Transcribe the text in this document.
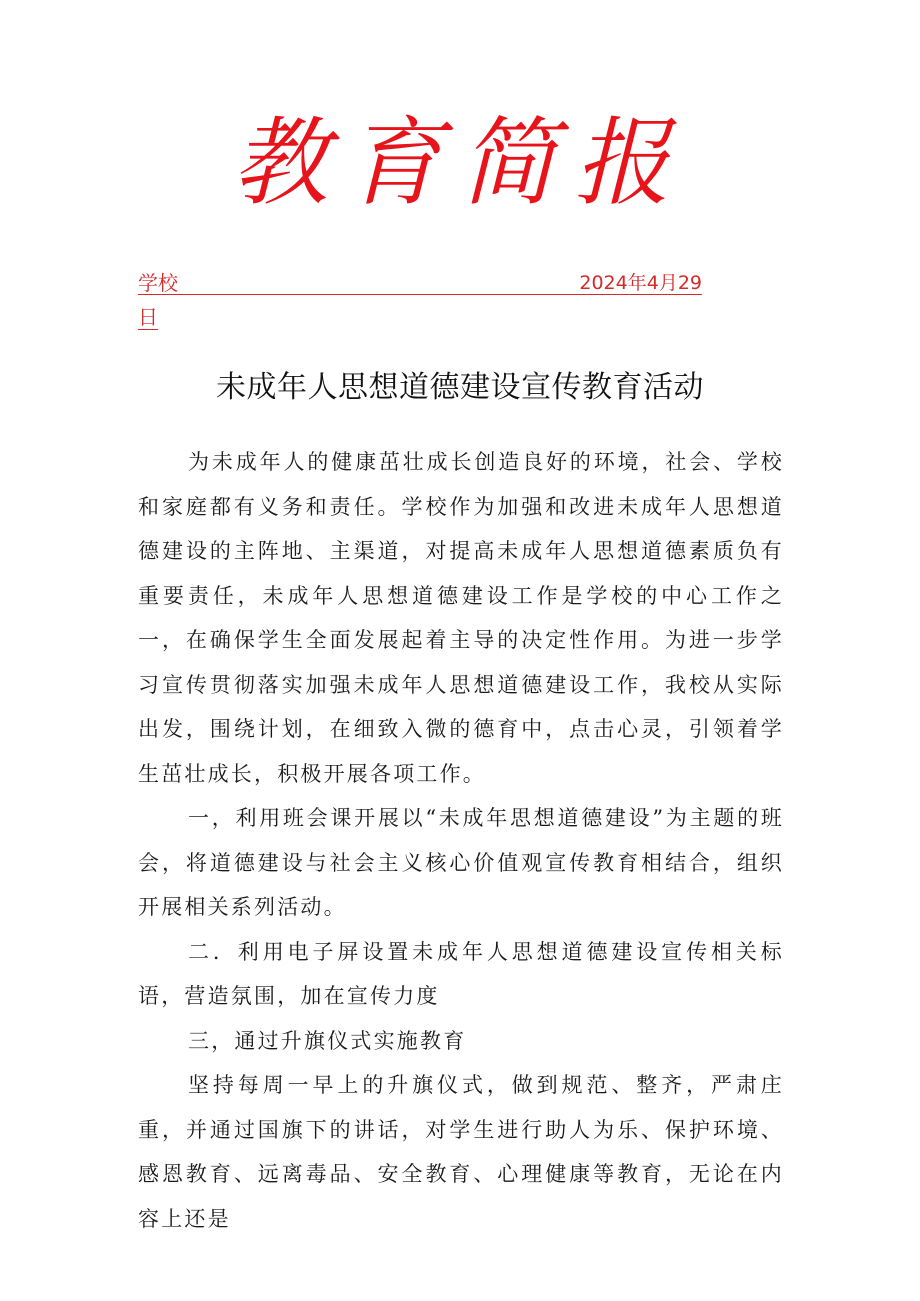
教育简报
学校	2024年4月29
日
未成年人思想道德建设宣传教育活动

为未成年人的健康茁壮成长创造良好的环境，社会、学校和家庭都有义务和责任。学校作为加强和改进未成年人思想道德建设的主阵地、主渠道，对提高未成年人思想道德素质负有重要责任，未成年人思想道德建设工作是学校的中心工作之一，在确保学生全面发展起着主导的决定性作用。为进一步学习宣传贯彻落实加强未成年人思想道德建设工作，我校从实际出发，围绕计划，在细致入微的德育中，点击心灵，引领着学生茁壮成长，积极开展各项工作。

一，利用班会课开展以“未成年思想道德建设”为主题的班会，将道德建设与社会主义核心价值观宣传教育相结合，组织开展相关系列活动。

二．利用电子屏设置未成年人思想道德建设宣传相关标语，营造氛围，加在宣传力度

三，通过升旗仪式实施教育

坚持每周一早上的升旗仪式，做到规范、整齐，严肃庄重，并通过国旗下的讲话，对学生进行助人为乐、保护环境、感恩教育、远离毒品、安全教育、心理健康等教育，无论在内容上还是
